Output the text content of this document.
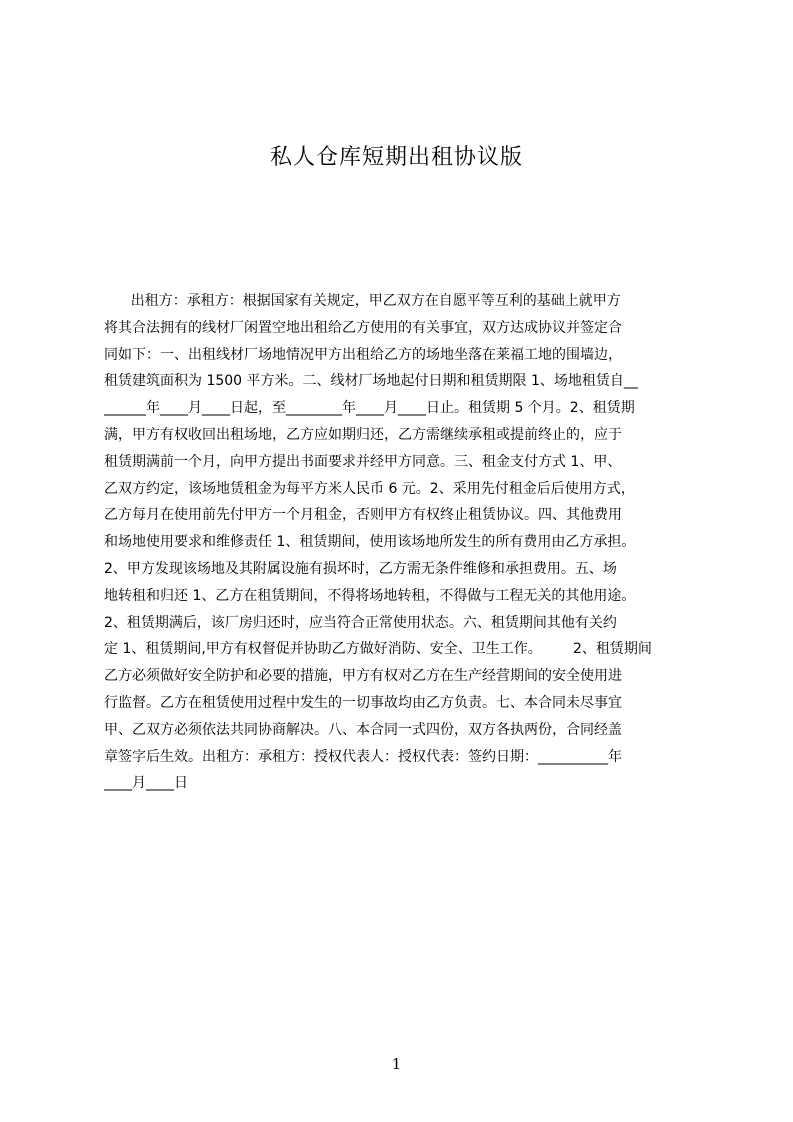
私人仓库短期出租协议版
出租方：承租方：根据国家有关规定，甲乙双方在自愿平等互利的基础上就甲方
将其合法拥有的线材厂闲置空地出租给乙方使用的有关事宜，双方达成协议并签定合
同如下：一、出租线材厂场地情况甲方出租给乙方的场地坐落在莱福工地的围墙边，
租赁建筑面积为 1500 平方米。二、线材厂场地起付日期和租赁期限 1、场地租赁自__
______年____月____日起，至________年____月____日止。租赁期 5 个月。2、租赁期
满，甲方有权收回出租场地，乙方应如期归还，乙方需继续承租或提前终止的，应于
租赁期满前一个月，向甲方提出书面要求并经甲方同意。三、租金支付方式 1、甲、
乙双方约定，该场地赁租金为每平方米人民币 6 元。2、采用先付租金后后使用方式，
乙方每月在使用前先付甲方一个月租金，否则甲方有权终止租赁协议。四、其他费用
和场地使用要求和维修责任 1、租赁期间，使用该场地所发生的所有费用由乙方承担。
2、甲方发现该场地及其附属设施有损坏时，乙方需无条件维修和承担费用。五、场
地转租和归还 1、乙方在租赁期间，不得将场地转租，不得做与工程无关的其他用途。
2、租赁期满后，该厂房归还时，应当符合正常使用状态。六、租赁期间其他有关约
定 1、租赁期间,甲方有权督促并协助乙方做好消防、安全、卫生工作。       2、租赁期间
乙方必须做好安全防护和必要的措施，甲方有权对乙方在生产经营期间的安全使用进
行监督。乙方在租赁使用过程中发生的一切事故均由乙方负责。七、本合同未尽事宜
甲、乙双方必须依法共同协商解决。八、本合同一式四份，双方各执两份，合同经盖
章签字后生效。出租方：承租方：授权代表人：授权代表：签约日期：__________年
____月____日
1
